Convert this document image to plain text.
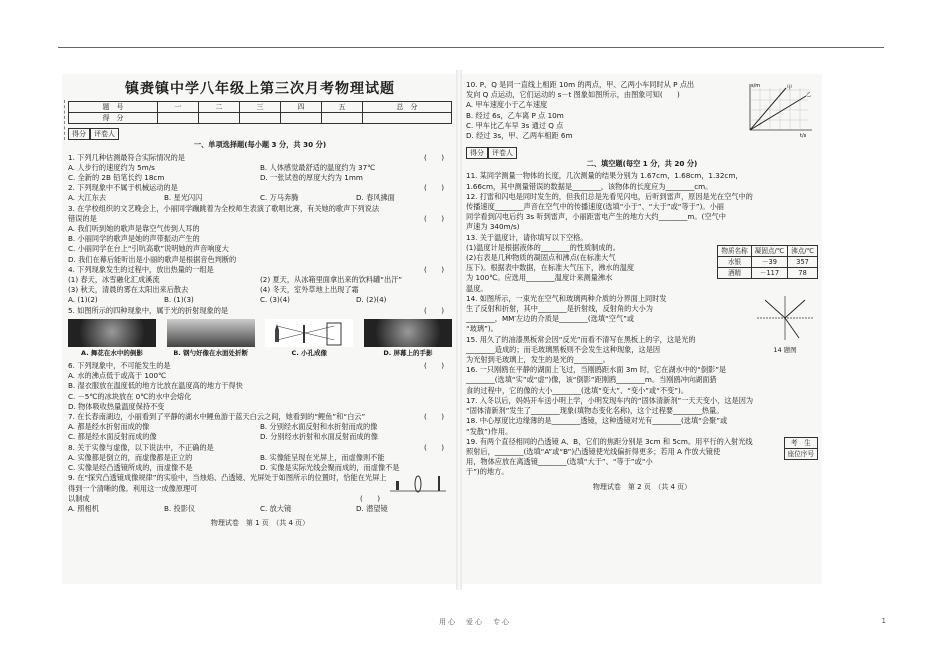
镇赉镇中学八年级上第三次月考物理试题
题　号	一	二	三	四	五	总　分
得　分						
得分	评卷人
一、单项选择题(每小题 3 分，共 30 分)
1. 下列几种估测最符合实际情况的是	(　　)
A. 人步行的速度约为 5m/s	B. 人体感觉最舒适的温度约为 37℃
C. 全新的 2B 铅笔长约 18cm	D. 一张试卷的厚度大约为 1mm
2. 下列现象中不属于机械运动的是	(　　)
A. 大江东去	B. 星光闪闪	C. 万马奔腾	D. 春风拂面
3. 在学校组织的文艺晚会上，小丽同学蹦跳着为全校师生表演了歌唱比赛，有关她的歌声下列说法
错误的是	(　　)
A. 我们听到她的歌声是靠空气传到人耳的
B. 小丽同学的歌声是她的声带振动产生的
C. 小丽同学在台上“引吭高歌”说明她的声音响度大
D. 我们在幕后能听出是小丽的歌声是根据音色判断的
4. 下列现象发生的过程中，放出热量的一组是	(　　)
(1) 春天，冰雪融化汇成溪流	(2) 夏天，从冰箱里面拿出来的饮料罐“出汗”
(3) 秋天，清晨的雾在太阳出来后散去	(4) 冬天，室外草地上出现了霜
A. (1)(2)	B. (1)(3)	C. (3)(4)	D. (2)(4)
5. 如图所示的四种现象中，属于光的折射现象的是	(　　)
A. 舞花在水中的倒影	B. 钢勺好像在水面处折断	C. 小孔成像	D. 屏幕上的手影
6. 下列现象中，不可能发生的是	(　　)
A. 水的沸点低于或高于 100℃
B. 湿衣服放在温度低的地方比放在温度高的地方干得快
C. －5℃的冰块放在 0℃的水中会熔化
D. 物体吸收热量温度保持不变
7. 在长春南湖边，小丽看到了平静的湖水中鲤鱼游于蓝天白云之间，她看到的“鲤鱼”和“白云”	(　　)
A. 都是经水折射而成的像	B. 分别经水面反射和水折射而成的像
C. 都是经水面反射而成的像	D. 分别经水折射和水面反射而成的像
8. 关于实像与虚像，以下说法中，不正确的是	(　　)
A. 实像都是倒立的，而虚像都是正立的	B. 实像能呈现在光屏上，而虚像则不能
C. 实像是经凸透镜所成的，而虚像不是	D. 实像是实际光线会聚而成的，而虚像不是
9. 在“探究凸透镜成像规律”的实验中，当烛焰、凸透镜、光屏处于如图所示的位置时，恰能在光屏上得到一个清晰的像。利用这一成像原理可
以制成	(　　)
A. 照相机	B. 投影仪	C. 放大镜	D. 潜望镜
物理试卷　第 1 页　（共 4 页）
甲
乙
s/m
t/s
10. P、Q 是同一直线上相距 10m 的两点，甲、乙两小车同时从 P 点出
发向 Q 点运动，它们运动的 s－t 图象如图所示，由图象可知(　　)
A. 甲车速度小于乙车速度
B. 经过 6s，乙车离 P 点 10m
C. 甲车比乙车早 3s 通过 Q 点
D. 经过 3s，甲、乙两车相距 6m
得分	评卷人
二、填空题(每空 1 分，共 20 分)
11. 某同学测量一物体的长度，几次测量的结果分别为 1.67cm，1.68cm，1.32cm，
1.66cm，其中测量错误的数据是________，该物体的长度应为________cm。
12. 打雷和闪电是同时发生的，但我们总是先看见闪电，后听到雷声，原因是光在空气中的
传播速度________声音在空气中的传播速度(选填“小于”、“大于”或“等于”)。小丽
同学看到闪电后约 3s 听到雷声，小丽距雷电产生的地方大约________m。(空气中
声速为 340m/s)
13. 关于温度计，请你填写以下空格。
物质名称	凝固点/℃	沸点/℃
水银	－39	357
酒精	－117	78
(1)温度计是根据液体的________的性质制成的。
(2)右表是几种物质的凝固点和沸点(在标准大气
压下)。根据表中数据，在标准大气压下，沸水的温度
为 100℃。应选用________温度计来测量沸水
温度。
14 题图
14. 如图所示，一束光在空气和玻璃两种介质的分界面上同时发
生了反射和折射，其中________是折射线，反射角的大小为
________，MM′左边的介质是________(选填“空气”或
“玻璃”)。
15. 用久了的油漆黑板常会因“反光”而看不清写在黑板上的字，这是光的
________造成的；而毛玻璃黑板则不会发生这种现象，这是因
为光射到毛玻璃上，发生的是光的________。
16. 一只刚鸥在平静的湖面上飞过，当刚鸥距水面 3m 时，它在湖水中的“倒影”是
________(选填“实”或“虚”)像，该“倒影”距刚鸥________m。当刚鸥冲向湖面猎
食的过程中，它的像的大小________(选填“变大”、“变小”或“不变”)。
17. 入冬以后，妈妈开车送小明上学，小明发现车内的“固体清新剂”一天天变小，这是因为
“固体清新剂”发生了________现象(填物态变化名称)，这个过程要________热量。
18. 中心厚度比边缘薄的是________透镜，这种透镜对光有________(选填“会聚”或
“发散”)作用。
考　生
座位序号
19. 有两个直径相同的凸透镜 A、B，它们的焦距分别是 3cm 和 5cm。用平行的入射光线
照射后，________(选填“A”或“B”)凸透镜使光线偏折得更多；若用 A 作放大镜使
用，物体应放在离透镜________(选填“大于”、“等于”或“小
于”)的地方。
物理试卷　第 2 页　（共 4 页）
用心　爱心　专心	1
